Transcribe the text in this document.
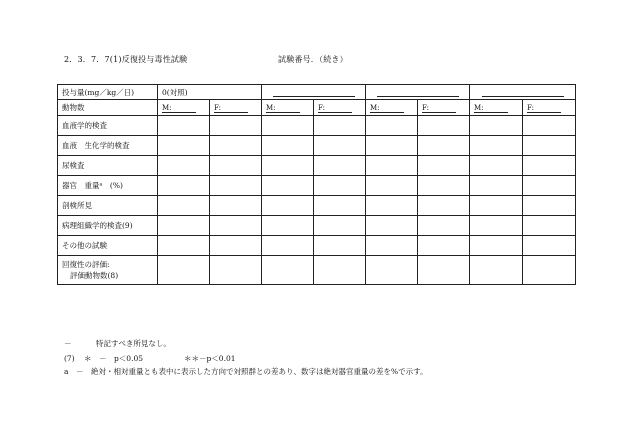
2．3．7．7(1)反復投与毒性試験	試験番号．（続き）
投与量(mg／kg／日)	0(対照)					

動物数	M:	F:	M:	F:	M:	F:	M:	F:
血液学的検査								
血液　生化学的検査								
尿検査								
器官　重量ᵃ　(%)								
剖検所見								
病理組織学的検査(9)								
その他の試験								

回復性の評価:
評価動物数(8)								

－	特記すべき所見なし。
(7) ＊　－　p＜0.05	＊＊－p＜0.01
a　－　絶対・相対重量とも表中に表示した方向で対照群との差あり、数字は絶対器官重量の差を%で示す。
